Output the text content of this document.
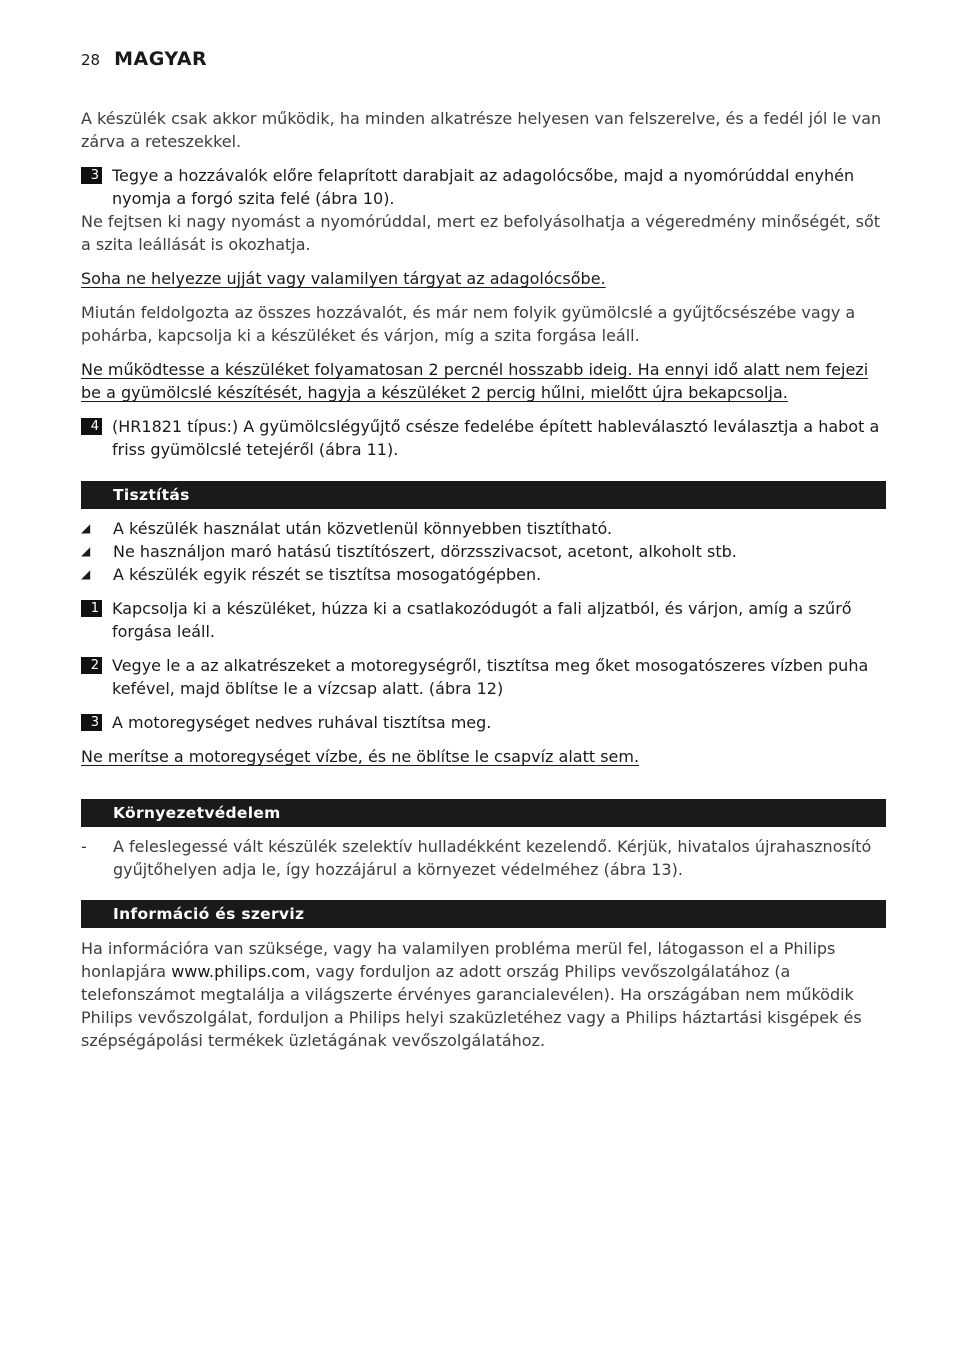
28 MAGYAR

A készülék csak akkor működik, ha minden alkatrésze helyesen van felszerelve, és a fedél jól le van zárva a reteszekkel.

3 Tegye a hozzávalók előre felaprított darabjait az adagolócsőbe, majd a nyomórúddal enyhén nyomja a forgó szita felé (ábra 10).

Ne fejtsen ki nagy nyomást a nyomórúddal, mert ez befolyásolhatja a végeredmény minőségét, sőt a szita leállását is okozhatja.

Soha ne helyezze ujját vagy valamilyen tárgyat az adagolócsőbe.

Miután feldolgozta az összes hozzávalót, és már nem folyik gyümölcslé a gyűjtőcsészébe vagy a pohárba, kapcsolja ki a készüléket és várjon, míg a szita forgása leáll.

Ne működtesse a készüléket folyamatosan 2 percnél hosszabb ideig. Ha ennyi idő alatt nem fejezi be a gyümölcslé készítését, hagyja a készüléket 2 percig hűlni, mielőtt újra bekapcsolja.

4 (HR1821 típus:) A gyümölcslégyűjtő csésze fedelébe épített hableválasztó leválasztja a habot a friss gyümölcslé tetejéről (ábra 11).
Tisztítás
◢	A készülék használat után közvetlenül könnyebben tisztítható.
◢	Ne használjon maró hatású tisztítószert, dörzsszivacsot, acetont, alkoholt stb.
◢	A készülék egyik részét se tisztítsa mosogatógépben.
1 Kapcsolja ki a készüléket, húzza ki a csatlakozódugót a fali aljzatból, és várjon, amíg a szűrő forgása leáll.
2 Vegye le a az alkatrészeket a motoregységről, tisztítsa meg őket mosogatószeres vízben puha kefével, majd öblítse le a vízcsap alatt. (ábra 12)
3 A motoregységet nedves ruhával tisztítsa meg.

Ne merítse a motoregységet vízbe, és ne öblítse le csapvíz alatt sem.

Környezetvédelem
-	A feleslegessé vált készülék szelektív hulladékként kezelendő. Kérjük, hivatalos újrahasznosító gyűjtőhelyen adja le, így hozzájárul a környezet védelméhez (ábra 13).
Információ és szerviz

Ha információra van szüksége, vagy ha valamilyen probléma merül fel, látogasson el a Philips honlapjára www.philips.com, vagy forduljon az adott ország Philips vevőszolgálatához (a telefonszámot megtalálja a világszerte érvényes garancialevélen). Ha országában nem működik Philips vevőszolgálat, forduljon a Philips helyi szaküzletéhez vagy a Philips háztartási kisgépek és szépségápolási termékek üzletágának vevőszolgálatához.
